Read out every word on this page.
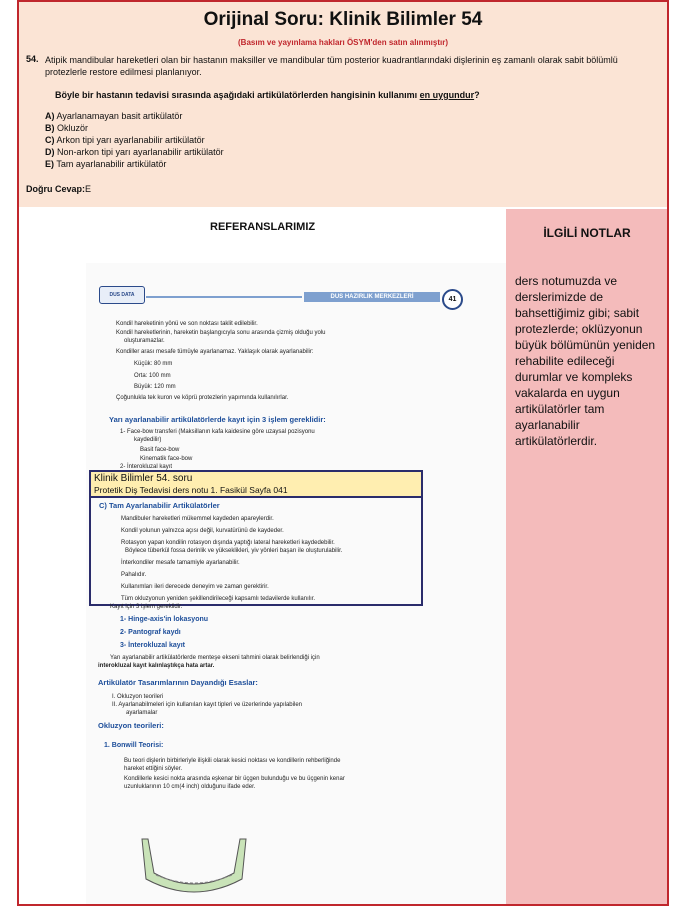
Orijinal Soru: Klinik Bilimler 54
(Basım ve yayınlama hakları ÖSYM'den satın alınmıştır)
54. Atipik mandibular hareketleri olan bir hastanın maksiller ve mandibular tüm posterior kuadrantlarındaki dişlerinin eş zamanlı olarak sabit bölümlü protezlerle restore edilmesi planlanıyor.
Böyle bir hastanın tedavisi sırasında aşağıdaki artikülatörlerden hangisinin kullanımı en uygundur?
A) Ayarlanamayan basit artikülatör
B) Okluzör
C) Arkon tipi yarı ayarlanabilir artikülatör
D) Non-arkon tipi yarı ayarlanabilir artikülatör
E) Tam ayarlanabilir artikülatör
Doğru Cevap:E
REFERANSLARIMIZ
DUS DATA	DUS HAZIRLIK MERKEZLERİ	41
Kondil hareketinin yönü ve son noktası taklit edilebilir.
Kondil hareketlerinin, hareketin başlangıcıyla sonu arasında çizmiş olduğu yolu
oluşturamazlar.
Kondiller arası mesafe tümüyle ayarlanamaz. Yaklaşık olarak ayarlanabilir:
Küçük: 80 mm
Orta: 100 mm
Büyük: 120 mm
Çoğunlukla tek kuron ve köprü protezlerin yapımında kullanılırlar.
Yarı ayarlanabilir artikülatörlerde kayıt için 3 işlem gereklidir:
1- Face-bow transferi (Maksillanın kafa kaidesine göre uzaysal pozisyonu
kaydedilir)
Basit face-bow
Kinematik face-bow
2- İnterokluzal kayıt
Klinik Bilimler 54. soru
Protetik Diş Tedavisi ders notu 1. Fasikül Sayfa 041
C) Tam Ayarlanabilir Artikülatörler
Mandibuler hareketleri mükemmel kaydeden apareylerdir.
Kondil yolunun yalnızca açısı değil, kurvatürünü de kaydeder.
Rotasyon yapan kondilin rotasyon dışında yaptığı lateral hareketleri kaydedebilir.
Böylece tüberkül fossa derinlik ve yükseklikleri, yiv yönleri başarı ile oluşturulabilir.
İnterkondiler mesafe tamamiyle ayarlanabilir.
Pahalıdır.
Kullanımları ileri derecede deneyim ve zaman gerektirir.
Tüm okluzyonun yeniden şekillendirileceği kapsamlı tedavilerde kullanılır.
Kayıt için 3 işlem gereklidir.
1- Hinge-axis'in lokasyonu
2- Pantograf kaydı
3- İnterokluzal kayıt
Yarı ayarlanabilir artikülatörlerde menteşe ekseni tahmini olarak belirlendiği için
interokluzal kayıt kalınlaştıkça hata artar.
Artikülatör Tasarımlarının Dayandığı Esaslar:
I. Okluzyon teorileri
II. Ayarlanabilmeleri için kullanılan kayıt tipleri ve üzerlerinde yapılabilen
ayarlamalar
Okluzyon teorileri:
1. Bonwill Teorisi:
Bu teori dişlerin birbirleriyle ilişkili olarak kesici noktası ve kondillerin rehberliğinde
hareket ettiğini söyler.
Kondillerle kesici nokta arasında eşkenar bir üçgen bulunduğu ve bu üçgenin kenar
uzunluklarının 10 cm(4 inch) olduğunu ifade eder.
İLGİLİ NOTLAR
ders notumuzda ve derslerimizde de bahsettiğimiz gibi; sabit protezlerde; oklüzyonun büyük bölümünün yeniden rehabilite edileceği durumlar ve kompleks vakalarda en uygun artikülatörler tam ayarlanabilir artikülatörlerdir.
